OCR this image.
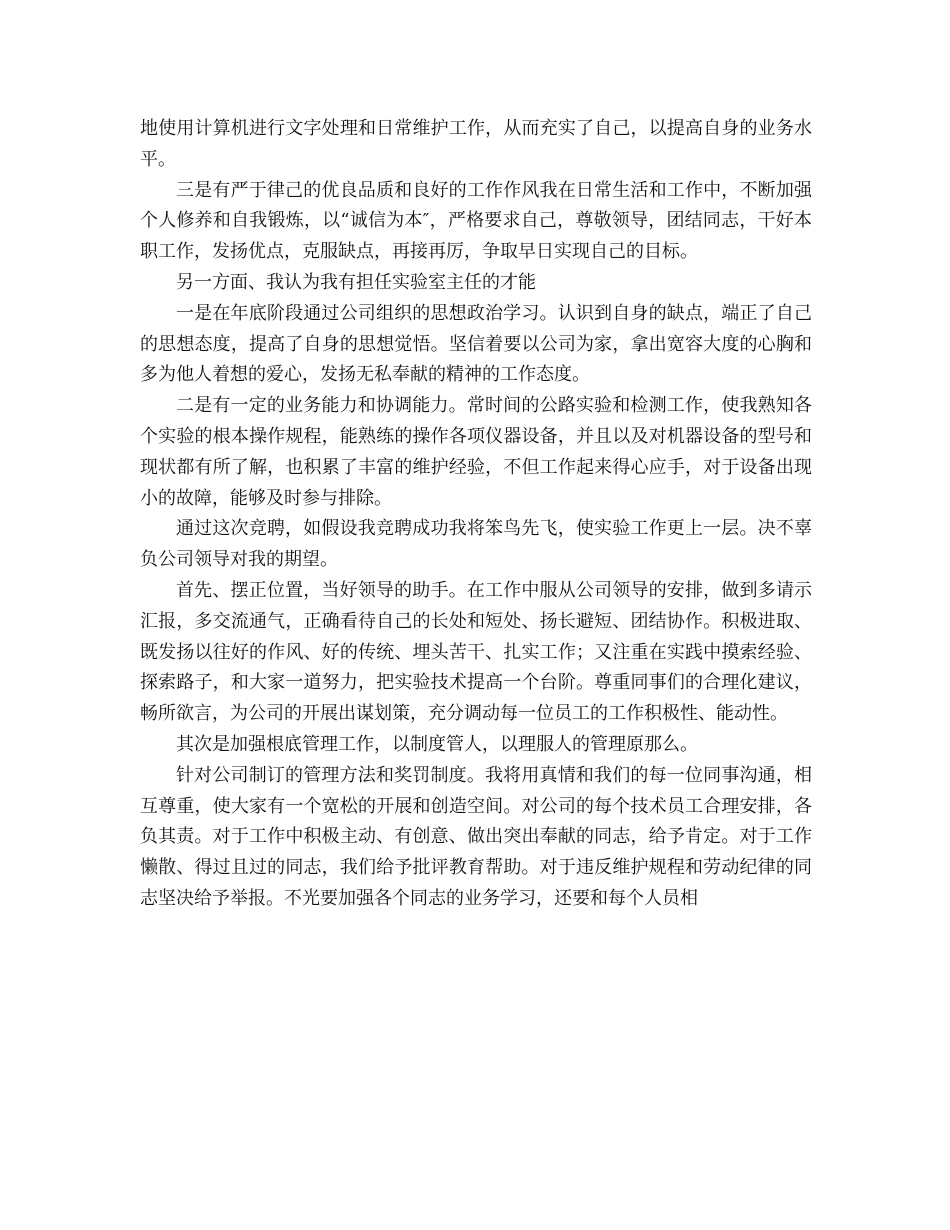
地使用计算机进行文字处理和日常维护工作，从而充实了自己，以提高自身的业务水平。

三是有严于律己的优良品质和良好的工作作风我在日常生活和工作中，不断加强个人修养和自我锻炼，以“诚信为本″，严格要求自己，尊敬领导，团结同志，干好本职工作，发扬优点，克服缺点，再接再厉，争取早日实现自己的目标。

另一方面、我认为我有担任实验室主任的才能

一是在年底阶段通过公司组织的思想政治学习。认识到自身的缺点，端正了自己的思想态度，提高了自身的思想觉悟。坚信着要以公司为家，拿出宽容大度的心胸和多为他人着想的爱心，发扬无私奉献的精神的工作态度。

二是有一定的业务能力和协调能力。常时间的公路实验和检测工作，使我熟知各个实验的根本操作规程，能熟练的操作各项仪器设备，并且以及对机器设备的型号和现状都有所了解，也积累了丰富的维护经验，不但工作起来得心应手，对于设备出现小的故障，能够及时参与排除。

通过这次竞聘，如假设我竞聘成功我将笨鸟先飞，使实验工作更上一层。决不辜负公司领导对我的期望。

首先、摆正位置，当好领导的助手。在工作中服从公司领导的安排，做到多请示汇报，多交流通气，正确看待自己的长处和短处、扬长避短、团结协作。积极进取、既发扬以往好的作风、好的传统、埋头苦干、扎实工作；又注重在实践中摸索经验、探索路子，和大家一道努力，把实验技术提高一个台阶。尊重同事们的合理化建议，畅所欲言，为公司的开展出谋划策，充分调动每一位员工的工作积极性、能动性。

其次是加强根底管理工作，以制度管人，以理服人的管理原那么。

针对公司制订的管理方法和奖罚制度。我将用真情和我们的每一位同事沟通，相互尊重，使大家有一个宽松的开展和创造空间。对公司的每个技术员工合理安排，各负其责。对于工作中积极主动、有创意、做出突出奉献的同志，给予肯定。对于工作懒散、得过且过的同志，我们给予批评教育帮助。对于违反维护规程和劳动纪律的同志坚决给予举报。不光要加强各个同志的业务学习，还要和每个人员相
